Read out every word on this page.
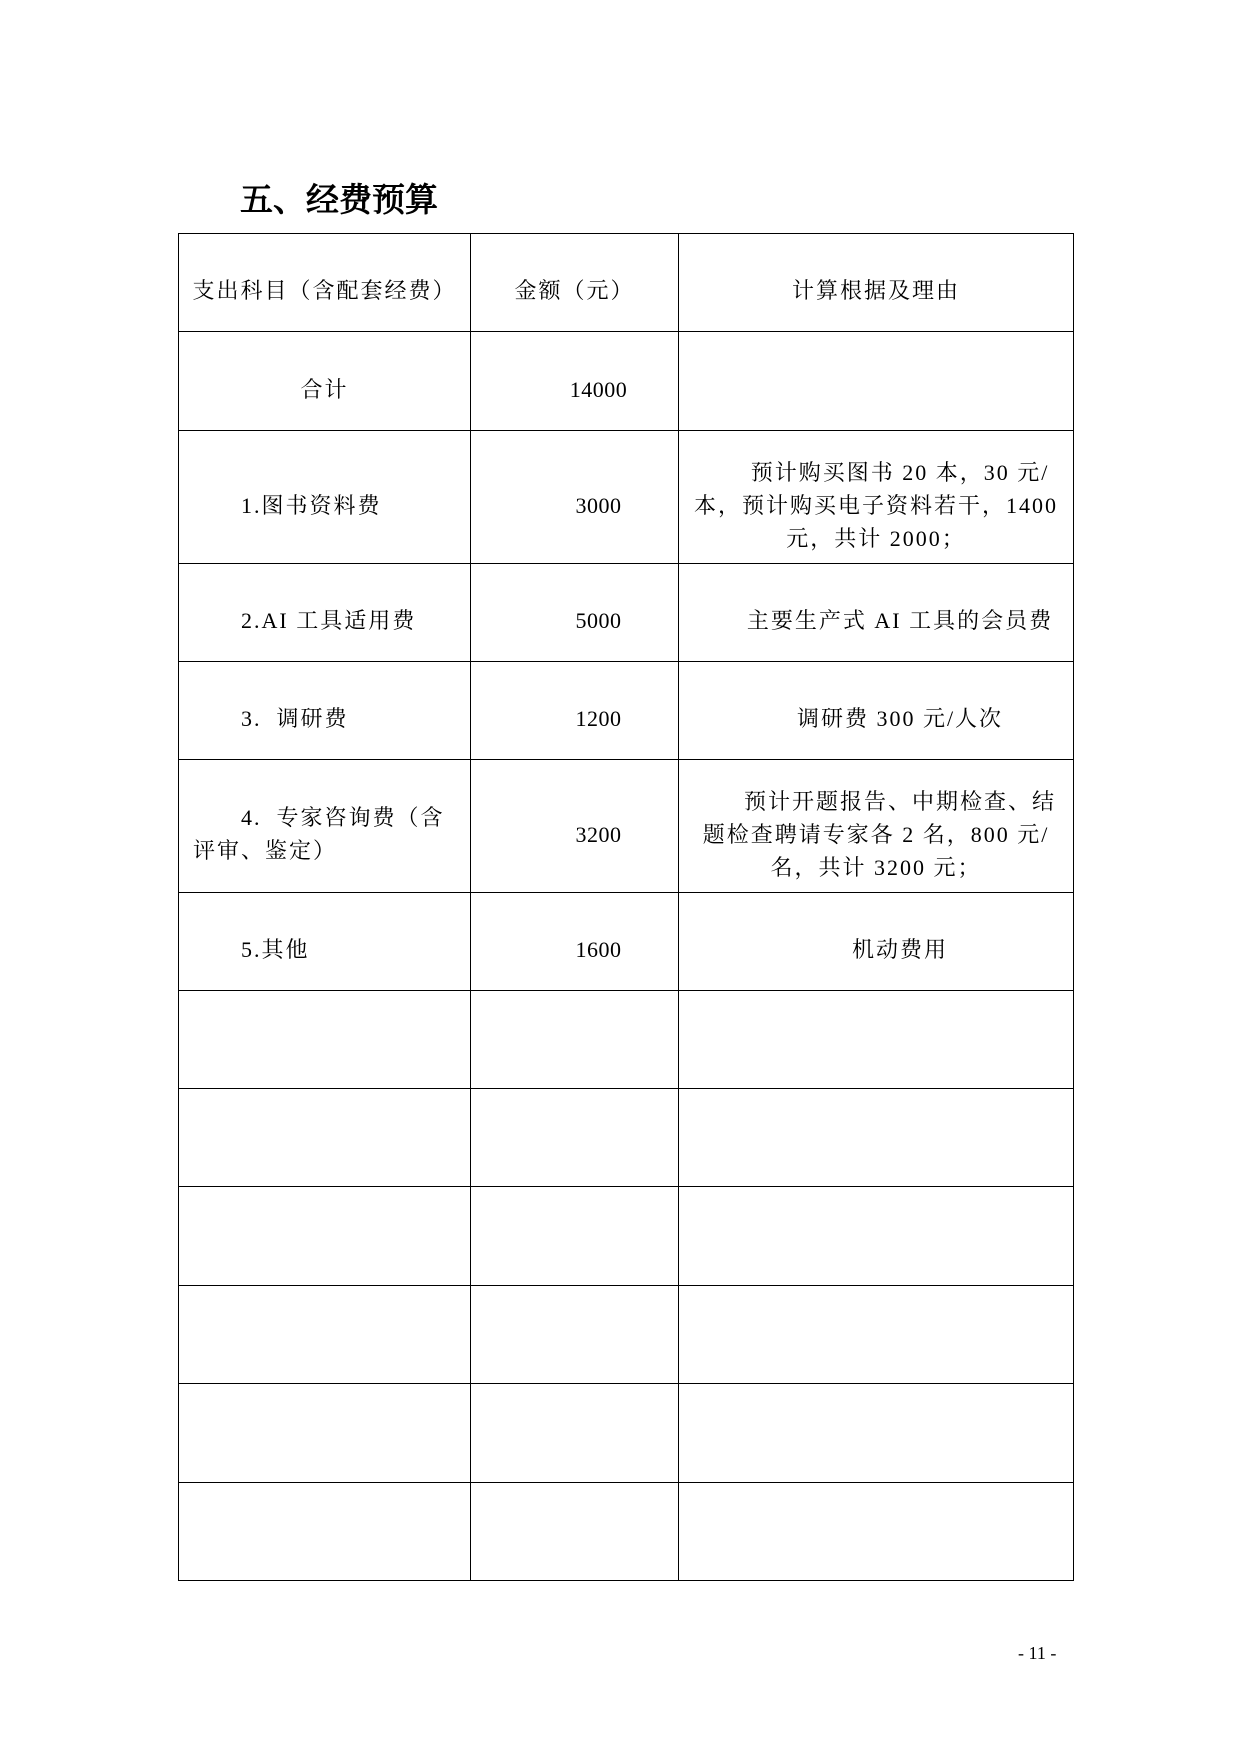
五、经费预算
支出科目（含配套经费）	金额（元）	计算根据及理由

合计	14000	

1.图书资料费	3000	预计购买图书 20 本，30 元/
本，预计购买电子资料若干，1400
元，共计 2000；

2.AI 工具适用费	5000	主要生产式 AI 工具的会员费

3.  调研费	1200	调研费 300 元/人次

4.  专家咨询费（含
评审、鉴定）	3200	预计开题报告、中期检查、结
题检查聘请专家各 2 名，800 元/
名，共计 3200 元；

5.其他	1600	机动费用

- 11 -
